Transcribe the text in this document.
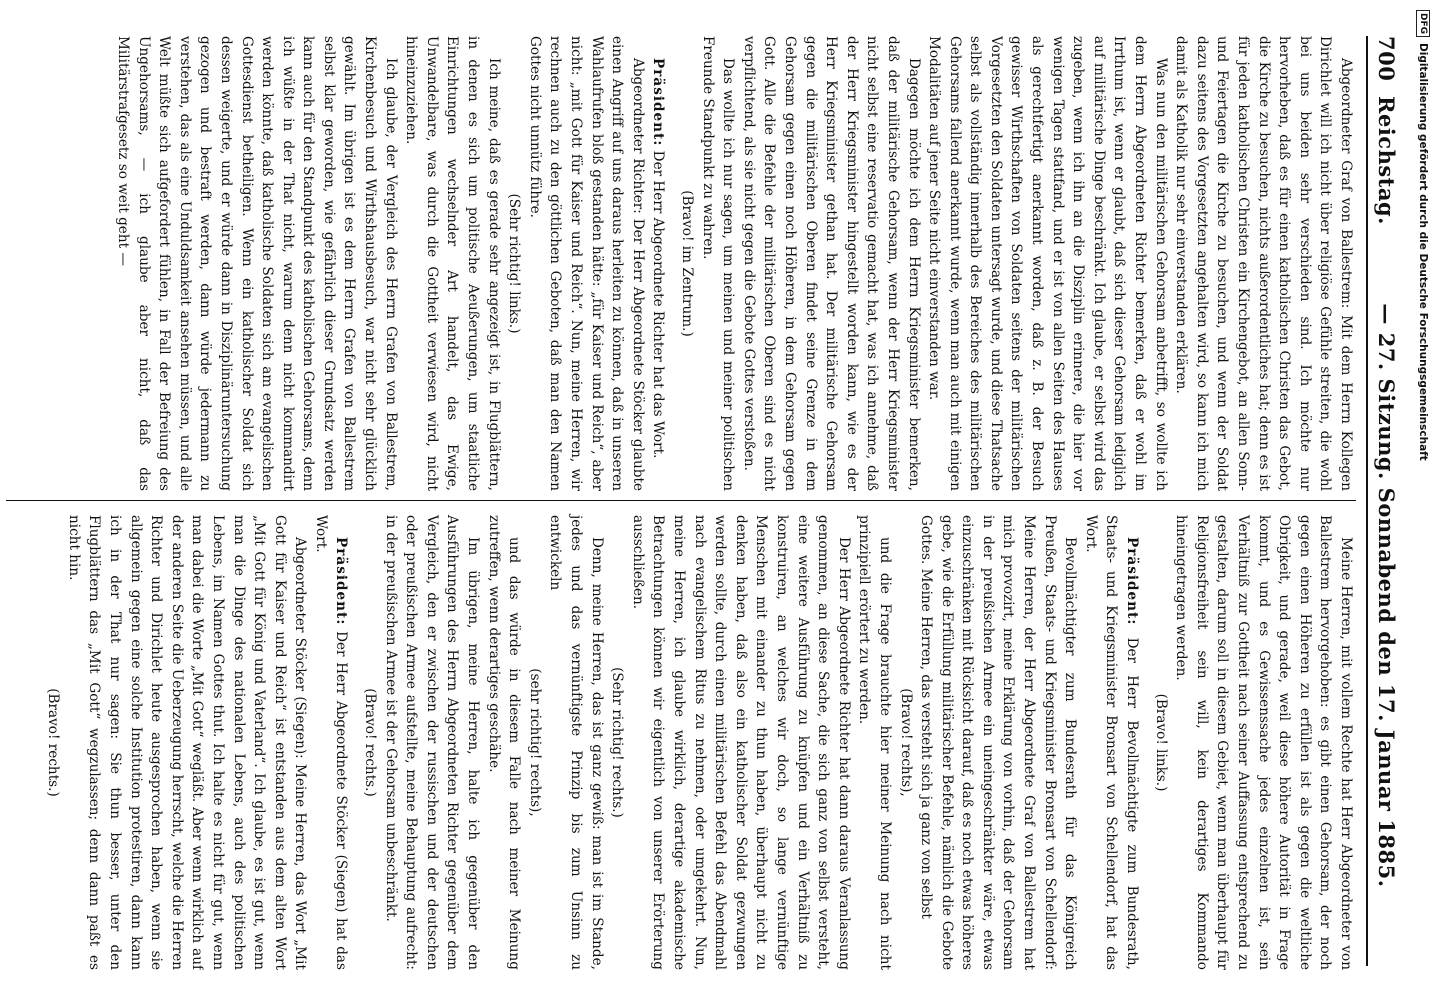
700
Reichstag.
— 27. Sitzung. Sonnabend den 17. Januar 1885.

Abgeordneter Graf von Ballestrem: Mit dem Herrn Kollegen Dirichlet will ich nicht über religiöse Gefühle streiten, die wohl bei uns beiden sehr verschieden sind. Ich möchte nur hervorheben, daß es für einen katholischen Christen das Gebot, die Kirche zu besuchen, nichts außerordentliches hat; denn es ist für jeden katholischen Christen ein Kirchengebot, an allen Sonn- und Feiertagen die Kirche zu besuchen, und wenn der Soldat dazu seitens des Vorgesetzten angehalten wird, so kann ich mich damit als Katholik nur sehr einverstanden erklären.

Was nun den militärischen Gehorsam anbetrifft, so wollte ich dem Herrn Abgeordneten Richter bemerken, daß er wohl im Irrthum ist, wenn er glaubt, daß sich dieser Gehorsam lediglich auf militärische Dinge beschränkt. Ich glaube, er selbst wird das zugeben, wenn ich ihn an die Disziplin erinnere, die hier vor wenigen Tagen stattfand, und er ist von allen Seiten des Hauses als gerechtfertigt anerkannt worden, daß z. B. der Besuch gewisser Wirthschaften von Soldaten seitens der militärischen Vorgesetzten den Soldaten untersagt wurde, und diese Thatsache selbst als vollständig innerhalb des Bereiches des militärischen Gehorsams fallend anerkannt wurde, wenn man auch mit einigen Modalitäten auf jener Seite nicht einverstanden war.

Dagegen möchte ich dem Herrn Kriegsminister bemerken, daß der militärische Gehorsam, wenn der Herr Kriegsminister nicht selbst eine reservatio gemacht hat, was ich annehme, daß der Herr Kriegsminister hingestellt worden kann, wie es der Herr Kriegsminister gethan hat. Der militärische Gehorsam gegen die militärischen Oberen findet seine Grenze in dem Gehorsam gegen einen noch Höheren, in dem Gehorsam gegen Gott. Alle die Befehle der militärischen Oberen sind es nicht verpflichtend, als sie nicht gegen die Gebote Gottes verstoßen.

Das wollte ich nur sagen, um meinen und meiner politischen Freunde Standpunkt zu wahren.

(Bravo! im Zentrum.)

Präsident: Der Herr Abgeordnete Richter hat das Wort.

Abgeordneter Richter: Der Herr Abgeordnete Stöcker glaubte einen Angriff auf uns daraus herleiten zu können, daß in unseren Wahlaufrufen bloß gestanden hätte: „für Kaiser und Reich“, aber nicht: „mit Gott für Kaiser und Reich“. Nun, meine Herren, wir rechnen auch zu den göttlichen Geboten, daß man den Namen Gottes nicht unnütz führe.

(Sehr richtig! links.)

Ich meine, daß es gerade sehr angezeigt ist, in Flugblättern, in denen es sich um politische Aeußerungen, um staatliche Einrichtungen wechselnder Art handelt, das Ewige, Unwandelbare, was durch die Gottheit verwiesen wird, nicht hineinzuziehen.

Ich glaube, der Vergleich des Herrn Grafen von Ballestrem, Kirchenbesuch und Wirthshausbesuch, war nicht sehr glücklich gewählt. Im übrigen ist es dem Herrn Grafen von Ballestrem selbst klar geworden, wie gefährlich dieser Grundsatz werden kann auch für den Standpunkt des katholischen Gehorsams, denn ich wüßte in der That nicht, warum denn nicht kommandirt werden könnte, daß katholische Soldaten sich am evangelischen Gottesdienst betheiligen. Wenn ein katholischer Soldat sich dessen weigerte, und er würde dann in Disziplinäruntersuchung gezogen und bestraft werden, dann würde jedermann zu verstehen, das als eine Unduldsamkeit ansehen müssen, und alle Welt müßte sich aufgefordert fühlen, in Fall der Befreiung des Ungehorsams, — ich glaube aber nicht, daß das Militärstrafgesetz so weit geht —

Meine Herren, mit vollem Rechte hat Herr Abgeordneter von Ballestrem hervorgehoben: es gibt einen Gehorsam, der noch gegen einen Höheren zu erfüllen ist als gegen die weltliche Obrigkeit, und gerade, weil diese höhere Autorität in Frage kommt, und es Gewissenssache jedes einzelnen ist, sein Verhältniß zur Gottheit nach seiner Auffassung entsprechend zu gestalten, darum soll in diesem Gebiet, wenn man überhaupt für Religionsfreiheit sein will, kein derartiges Kommando hineingetragen werden.

(Bravo! links.)

Präsident: Der Herr Bevollmächtigte zum Bundesrath, Staats- und Kriegsminister Bronsart von Schellendorf, hat das Wort.

Bevollmächtigter zum Bundesrath für das Königreich Preußen, Staats- und Kriegsminister Bronsart von Schellendorf: Meine Herren, der Herr Abgeordnete Graf von Ballestrem hat mich provozirt, meine Erklärung von vorhin, daß der Gehorsam in der preußischen Armee ein uneingeschränkter wäre, etwas einzuschränken mit Rücksicht darauf, daß es noch etwas höheres gebe, wie die Erfüllung militärischer Befehle, nämlich die Gebote Gottes. Meine Herren, das versteht sich ja ganz von selbst

(Bravo! rechts),

und die Frage brauchte hier meiner Meinung nach nicht prinzipiell erörtert zu werden.

Der Herr Abgeordnete Richter hat dann daraus Veranlassung genommen, an diese Sache, die sich ganz von selbst versteht, eine weitere Ausführung zu knüpfen und ein Verhältniß zu konstruiren, an welches wir doch, so lange vernünftige Menschen mit einander zu thun haben, überhaupt nicht zu denken haben, daß also ein katholischer Soldat gezwungen werden sollte, durch einen militärischen Befehl das Abendmahl nach evangelischem Ritus zu nehmen, oder umgekehrt. Nun, meine Herren, ich glaube wirklich, derartige akademische Betrachtungen können wir eigentlich von unserer Erörterung ausschließen.

(Sehr richtig! rechts.)

Denn, meine Herren, das ist ganz gewiß: man ist im Stande, jedes und das vernünftigste Prinzip bis zum Unsinn zu entwickeln

(sehr richtig! rechts),

und das würde in diesem Falle nach meiner Meinung zutreffen, wenn derartiges geschähe.

Im übrigen, meine Herren, halte ich gegenüber den Ausführungen des Herrn Abgeordneten Richter gegenüber dem Vergleich, den er zwischen der russischen und der deutschen oder preußischen Armee aufstellte, meine Behauptung aufrecht: in der preußischen Armee ist der Gehorsam unbeschränkt.

(Bravo! rechts.)

Präsident: Der Herr Abgeordnete Stöcker (Siegen) hat das Wort.

Abgeordneter Stöcker (Siegen): Meine Herren, das Wort „Mit Gott für Kaiser und Reich“ ist entstanden aus dem alten Wort „Mit Gott für König und Vaterland“. Ich glaube, es ist gut, wenn man die Dinge des nationalen Lebens, auch des politischen Lebens, im Namen Gottes thut. Ich halte es nicht für gut, wenn man dabei die Worte „Mit Gott“ wegläßt. Aber wenn wirklich auf der anderen Seite die Ueberzeugung herrscht, welche die Herren Richter und Dirichlet heute ausgesprochen haben, wenn sie allgemein gegen eine solche Institution protestiren, dann kann ich in der That nur sagen: Sie thun besser, unter den Flugblättern das „Mit Gott“ wegzulassen; denn dann paßt es nicht hin.

(Bravo! rechts.)

DFG
Digitalisierung gefördert durch die Deutsche Forschungsgemeinschaft
